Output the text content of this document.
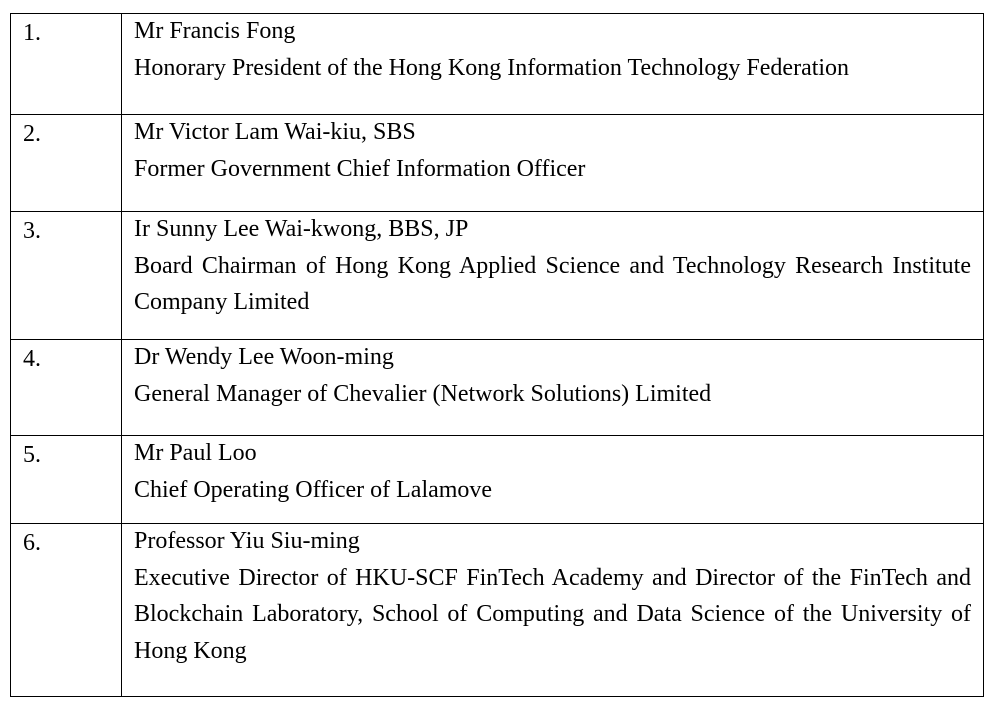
1.	Mr Francis Fong
Honorary President of the Hong Kong Information Technology Federation

2.	Mr Victor Lam Wai-kiu, SBS
Former Government Chief Information Officer

3.	Ir Sunny Lee Wai-kwong, BBS, JP
Board Chairman of Hong Kong Applied Science and Technology Research Institute Company Limited

4.	Dr Wendy Lee Woon-ming
General Manager of Chevalier (Network Solutions) Limited

5.	Mr Paul Loo
Chief Operating Officer of Lalamove

6.	Professor Yiu Siu-ming
Executive Director of HKU-SCF FinTech Academy and Director of the FinTech and Blockchain Laboratory, School of Computing and Data Science of the University of Hong Kong
